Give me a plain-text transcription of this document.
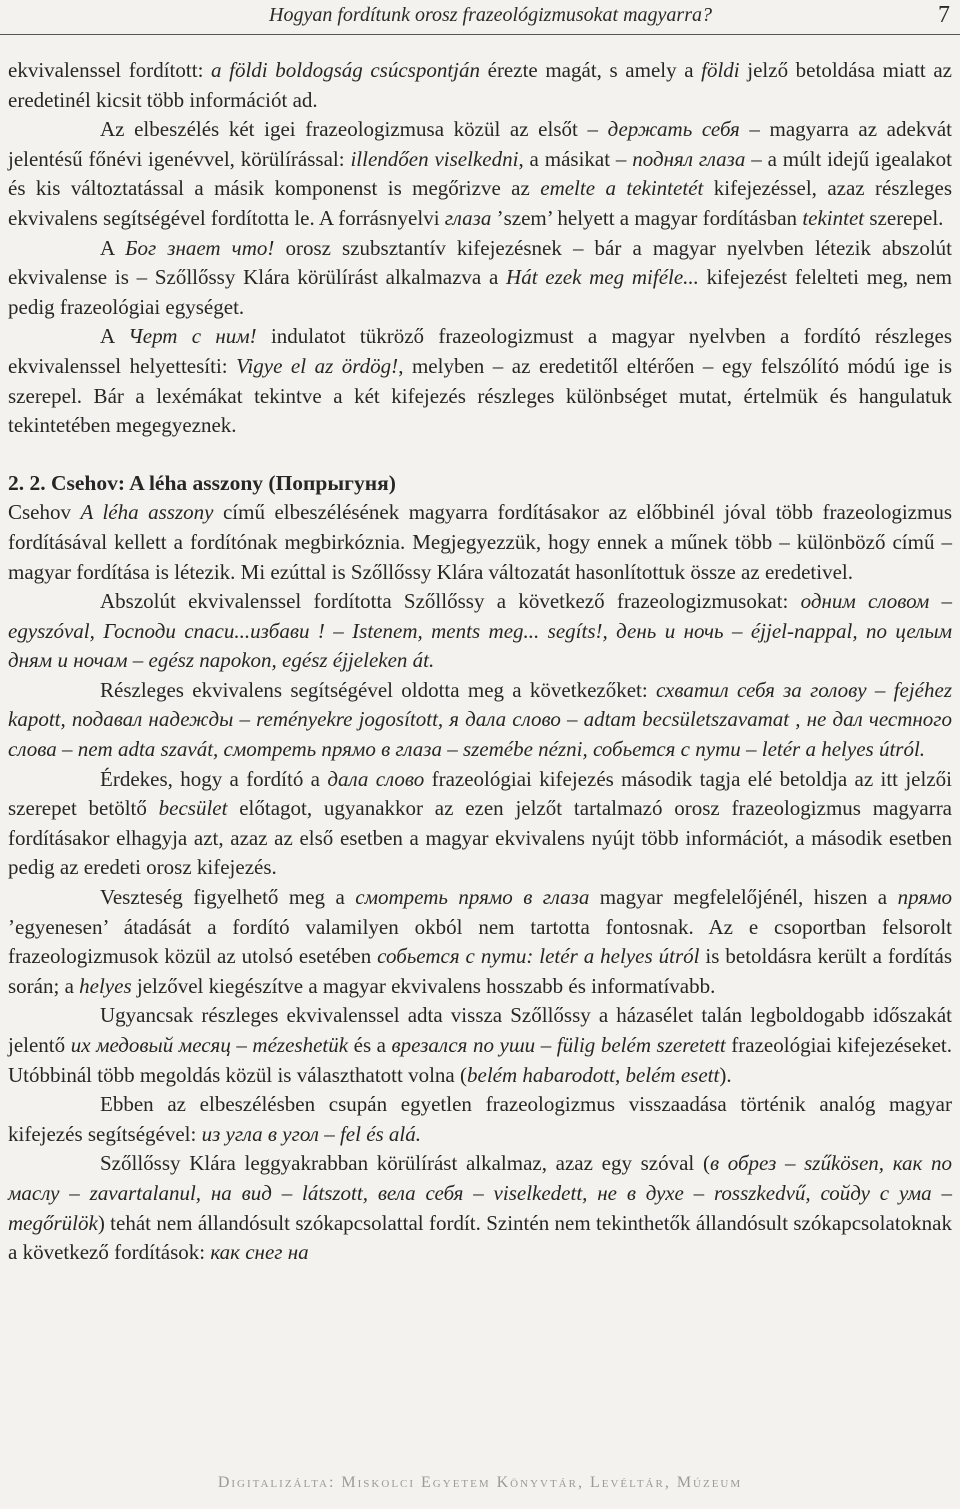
Hogyan fordítunk orosz frazeológizmusokat magyarra?	7

ekvivalenssel fordított: a földi boldogság csúcspontján érezte magát, s amely a földi jelző betoldása miatt az eredetinél kicsit több információt ad.

Az elbeszélés két igei frazeologizmusa közül az elsőt – держать себя – magyarra az adekvát jelentésű főnévi igenévvel, körülírással: illendően viselkedni, a másikat – поднял глаза – a múlt idejű igealakot és kis változtatással a másik komponenst is megőrizve az emelte a tekintetét kifejezéssel, azaz részleges ekvivalens segítségével fordította le. A forrásnyelvi глаза ’szem’ helyett a magyar fordításban tekintet szerepel.

A Бог знает что! orosz szubsztantív kifejezésnek – bár a magyar nyelvben létezik abszolút ekvivalense is – Szőllőssy Klára körülírást alkalmazva a Hát ezek meg miféle... kifejezést felelteti meg, nem pedig frazeológiai egységet.

A Черт с ним! indulatot tükröző frazeologizmust a magyar nyelvben a fordító részleges ekvivalenssel helyettesíti: Vigye el az ördög!, melyben – az eredetitől eltérően – egy felszólító módú ige is szerepel. Bár a lexémákat tekintve a két kifejezés részleges különbséget mutat, értelmük és hangulatuk tekintetében megegyeznek.

2. 2. Csehov: A léha asszony (Попрыгуня)

Csehov A léha asszony című elbeszélésének magyarra fordításakor az előbbinél jóval több frazeologizmus fordításával kellett a fordítónak megbirkóznia. Megjegyezzük, hogy ennek a műnek több – különböző című – magyar fordítása is létezik. Mi ezúttal is Szőllőssy Klára változatát hasonlítottuk össze az eredetivel.

Abszolút ekvivalenssel fordította Szőllőssy a következő frazeologizmusokat: одним словом – egyszóval, Господи спаси...избави ! – Istenem, ments meg... segíts!, день и ночь – éjjel-nappal, по целым дням и ночам – egész napokon, egész éjjeleken át.

Részleges ekvivalens segítségével oldotta meg a következőket: схватил себя за голову – fejéhez kapott, подавал надежды – reményekre jogosított, я дала слово – adtam becsületszavamat , не дал честного слова – nem adta szavát, смотреть прямо в глаза – szemébe nézni, собьется с пути – letér a helyes útról.

Érdekes, hogy a fordító a дала слово frazeológiai kifejezés második tagja elé betoldja az itt jelzői szerepet betöltő becsület előtagot, ugyanakkor az ezen jelzőt tartalmazó orosz frazeologizmus magyarra fordításakor elhagyja azt, azaz az első esetben a magyar ekvivalens nyújt több információt, a második esetben pedig az eredeti orosz kifejezés.

Veszteség figyelhető meg a смотреть прямо в глаза magyar megfelelőjénél, hiszen a прямо ’egyenesen’ átadását a fordító valamilyen okból nem tartotta fontosnak. Az e csoportban felsorolt frazeologizmusok közül az utolsó esetében собьется с пути: letér a helyes útról is betoldásra került a fordítás során; a helyes jelzővel kiegészítve a magyar ekvivalens hosszabb és informatívabb.

Ugyancsak részleges ekvivalenssel adta vissza Szőllőssy a házasélet talán legboldogabb időszakát jelentő их медовый месяц – mézeshetük és a врезался по уши – fülig belém szeretett frazeológiai kifejezéseket. Utóbbinál több megoldás közül is választhatott volna (belém habarodott, belém esett).

Ebben az elbeszélésben csupán egyetlen frazeologizmus visszaadása történik analóg magyar kifejezés segítségével: из угла в угол – fel és alá.

Szőllőssy Klára leggyakrabban körülírást alkalmaz, azaz egy szóval (в обрез – szűkösen, как по маслу – zavartalanul, на вид – látszott, вела себя – viselkedett, не в духе – rosszkedvű, сойду с ума – megőrülök) tehát nem állandósult szókapcsolattal fordít. Szintén nem tekinthetők állandósult szókapcsolatoknak a következő fordítások: как снег на

Digitalizálta: Miskolci Egyetem Könyvtár, Levéltár, Múzeum
